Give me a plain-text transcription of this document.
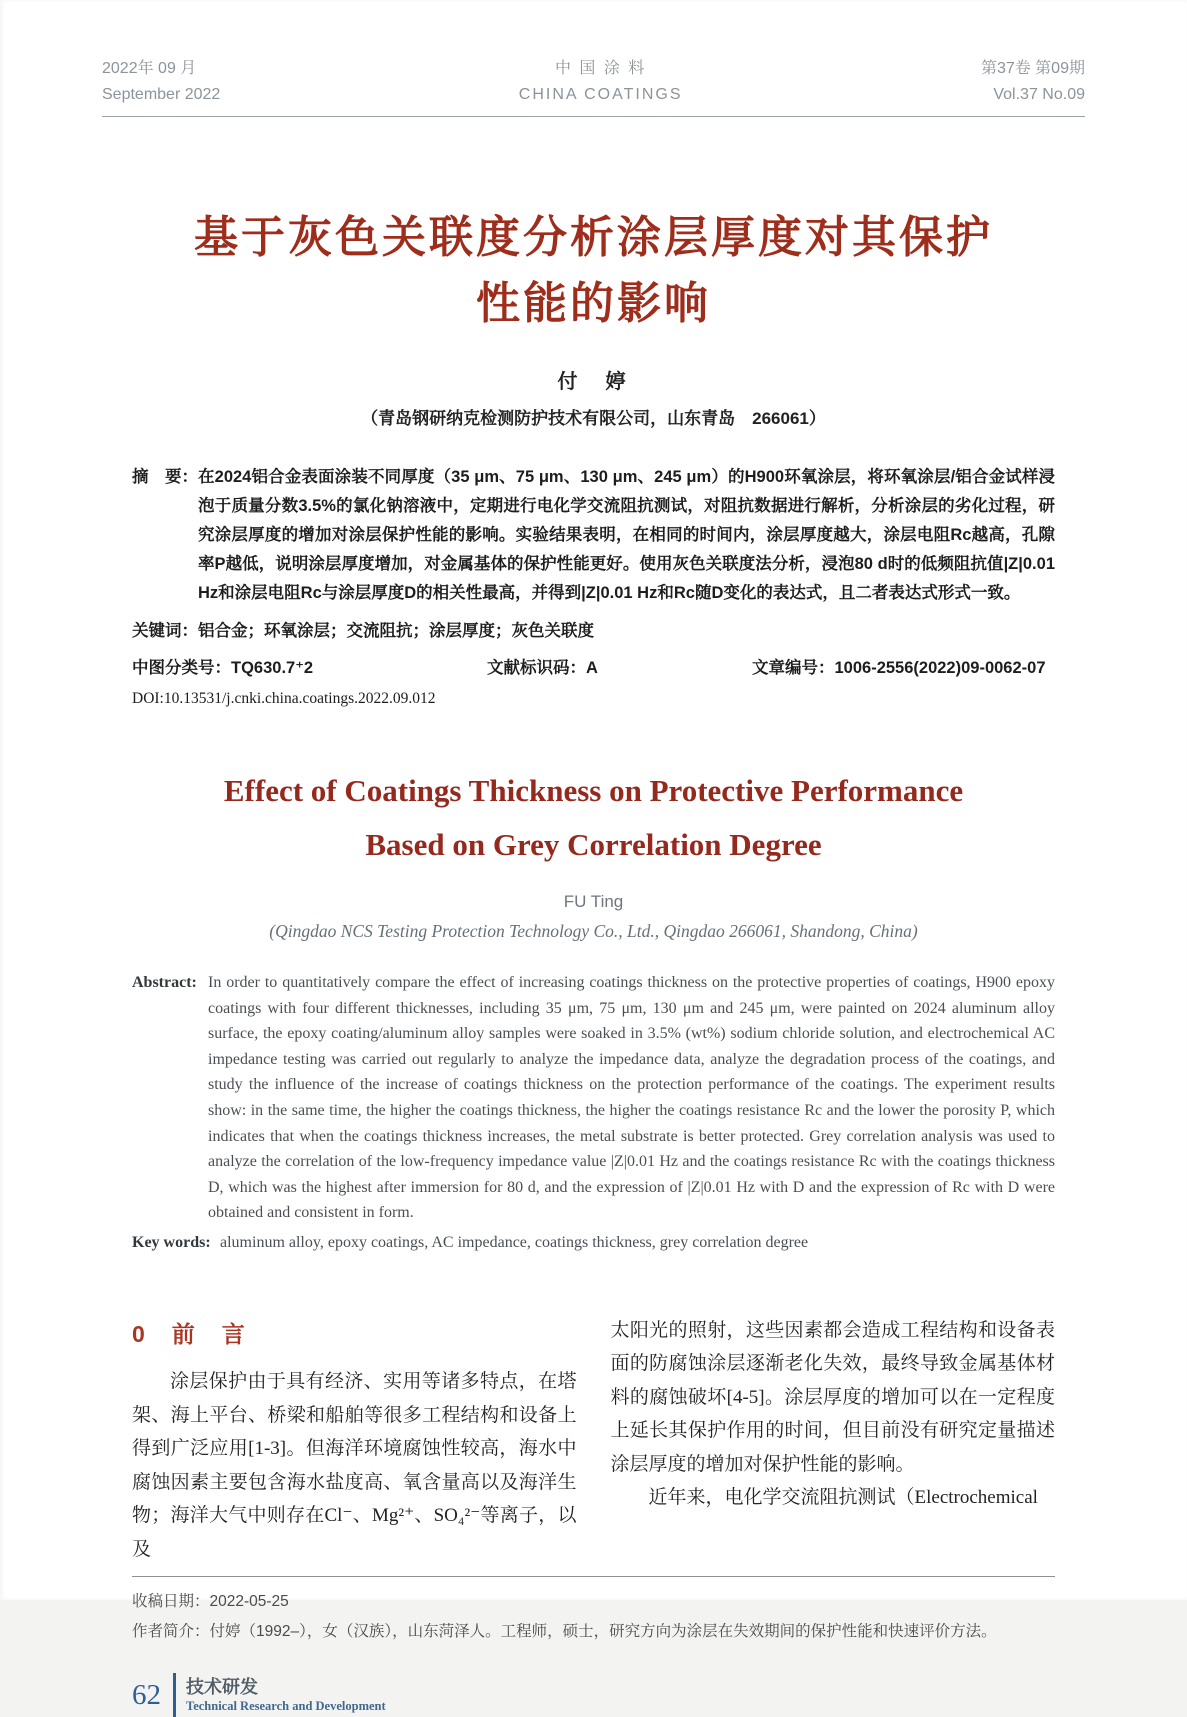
2022年 09 月
September 2022
中 国 涂 料
CHINA COATINGS
第37卷 第09期
Vol.37 No.09
基于灰色关联度分析涂层厚度对其保护
性能的影响
付　婷
（青岛钢研纳克检测防护技术有限公司，山东青岛　266061）
摘　要： 在2024铝合金表面涂装不同厚度（35 μm、75 μm、130 μm、245 μm）的H900环氧涂层，将环氧涂层/铝合金试样浸泡于质量分数3.5%的氯化钠溶液中，定期进行电化学交流阻抗测试，对阻抗数据进行解析，分析涂层的劣化过程，研究涂层厚度的增加对涂层保护性能的影响。实验结果表明，在相同的时间内，涂层厚度越大，涂层电阻Rc越高，孔隙率P越低，说明涂层厚度增加，对金属基体的保护性能更好。使用灰色关联度法分析，浸泡80 d时的低频阻抗值|Z|0.01 Hz和涂层电阻Rc与涂层厚度D的相关性最高，并得到|Z|0.01 Hz和Rc随D变化的表达式，且二者表达式形式一致。
关键词：铝合金；环氧涂层；交流阻抗；涂层厚度；灰色关联度
中图分类号：TQ630.7⁺2	文献标识码：A	文章编号：1006-2556(2022)09-0062-07
DOI:10.13531/j.cnki.china.coatings.2022.09.012
Effect of Coatings Thickness on Protective Performance
Based on Grey Correlation Degree
FU Ting
(Qingdao NCS Testing Protection Technology Co., Ltd., Qingdao 266061, Shandong, China)
Abstract: In order to quantitatively compare the effect of increasing coatings thickness on the protective properties of coatings, H900 epoxy coatings with four different thicknesses, including 35 μm, 75 μm, 130 μm and 245 μm, were painted on 2024 aluminum alloy surface, the epoxy coating/aluminum alloy samples were soaked in 3.5% (wt%) sodium chloride solution, and electrochemical AC impedance testing was carried out regularly to analyze the impedance data, analyze the degradation process of the coatings, and study the influence of the increase of coatings thickness on the protection performance of the coatings. The experiment results show: in the same time, the higher the coatings thickness, the higher the coatings resistance Rc and the lower the porosity P, which indicates that when the coatings thickness increases, the metal substrate is better protected. Grey correlation analysis was used to analyze the correlation of the low-frequency impedance value |Z|0.01 Hz and the coatings resistance Rc with the coatings thickness D, which was the highest after immersion for 80 d, and the expression of |Z|0.01 Hz with D and the expression of Rc with D were obtained and consistent in form.
Key words: aluminum alloy, epoxy coatings, AC impedance, coatings thickness, grey correlation degree
0　前　言

涂层保护由于具有经济、实用等诸多特点，在塔架、海上平台、桥梁和船舶等很多工程结构和设备上得到广泛应用[1-3]。但海洋环境腐蚀性较高，海水中腐蚀因素主要包含海水盐度高、氧含量高以及海洋生物；海洋大气中则存在Cl⁻、Mg²⁺、SO₄²⁻等离子，以及

太阳光的照射，这些因素都会造成工程结构和设备表面的防腐蚀涂层逐渐老化失效，最终导致金属基体材料的腐蚀破坏[4-5]。涂层厚度的增加可以在一定程度上延长其保护作用的时间，但目前没有研究定量描述涂层厚度的增加对保护性能的影响。

近年来，电化学交流阻抗测试（Electrochemical

收稿日期：2022-05-25
作者简介：付婷（1992–），女（汉族），山东菏泽人。工程师，硕士，研究方向为涂层在失效期间的保护性能和快速评价方法。
62 技术研发
Technical Research and Development
